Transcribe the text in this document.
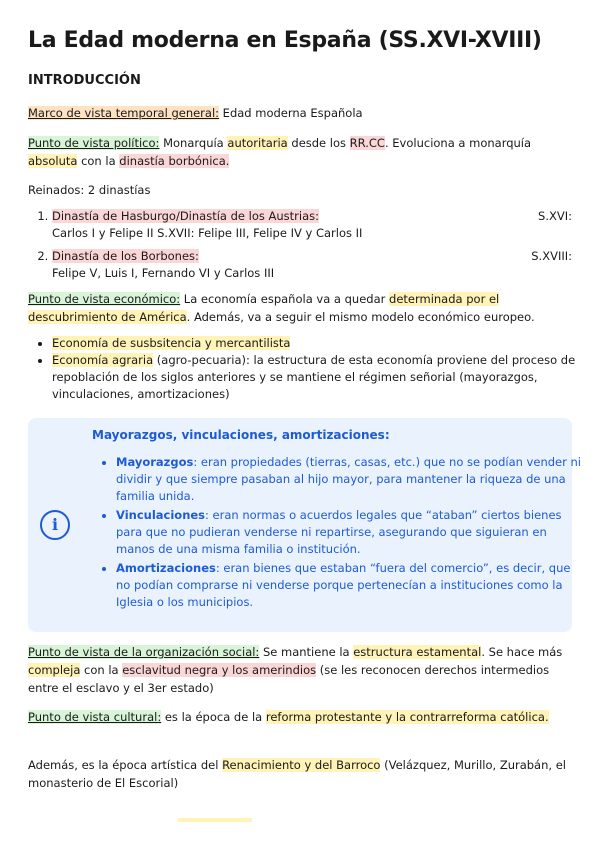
La Edad moderna en España (SS.XVI-XVIII)
INTRODUCCIÓN
Marco de vista temporal general: Edad moderna Española
Punto de vista político: Monarquía autoritaria desde los RR.CC. Evoluciona a monarquía absoluta con la dinastía borbónica.
Reinados: 2 dinastías
1. Dinastía de Hasburgo/Dinastía de los Austrias:	S.XVI:
Carlos I y Felipe II S.XVII: Felipe III, Felipe IV y Carlos II
2. Dinastía de los Borbones:	S.XVIII:
Felipe V, Luis I, Fernando VI y Carlos III
Punto de vista económico: La economía española va a quedar determinada por el descubrimiento de América. Además, va a seguir el mismo modelo económico europeo.
• Economía de susbsitencia y mercantilista
• Economía agraria (agro-pecuaria): la estructura de esta economía proviene del proceso de repoblación de los siglos anteriores y se mantiene el régimen señorial (mayorazgos, vinculaciones, amortizaciones)
i
Mayorazgos, vinculaciones, amortizaciones:
• Mayorazgos: eran propiedades (tierras, casas, etc.) que no se podían vender ni dividir y que siempre pasaban al hijo mayor, para mantener la riqueza de una familia unida.
• Vinculaciones: eran normas o acuerdos legales que “ataban” ciertos bienes para que no pudieran venderse ni repartirse, asegurando que siguieran en manos de una misma familia o institución.
• Amortizaciones: eran bienes que estaban “fuera del comercio”, es decir, que no podían comprarse ni venderse porque pertenecían a instituciones como la Iglesia o los municipios.
Punto de vista de la organización social: Se mantiene la estructura estamental. Se hace más compleja con la esclavitud negra y los amerindios (se les reconocen derechos intermedios entre el esclavo y el 3er estado)
Punto de vista cultural: es la época de la reforma protestante y la contrarreforma católica.
Además, es la época artística del Renacimiento y del Barroco (Velázquez, Murillo, Zurabán, el monasterio de El Escorial)
